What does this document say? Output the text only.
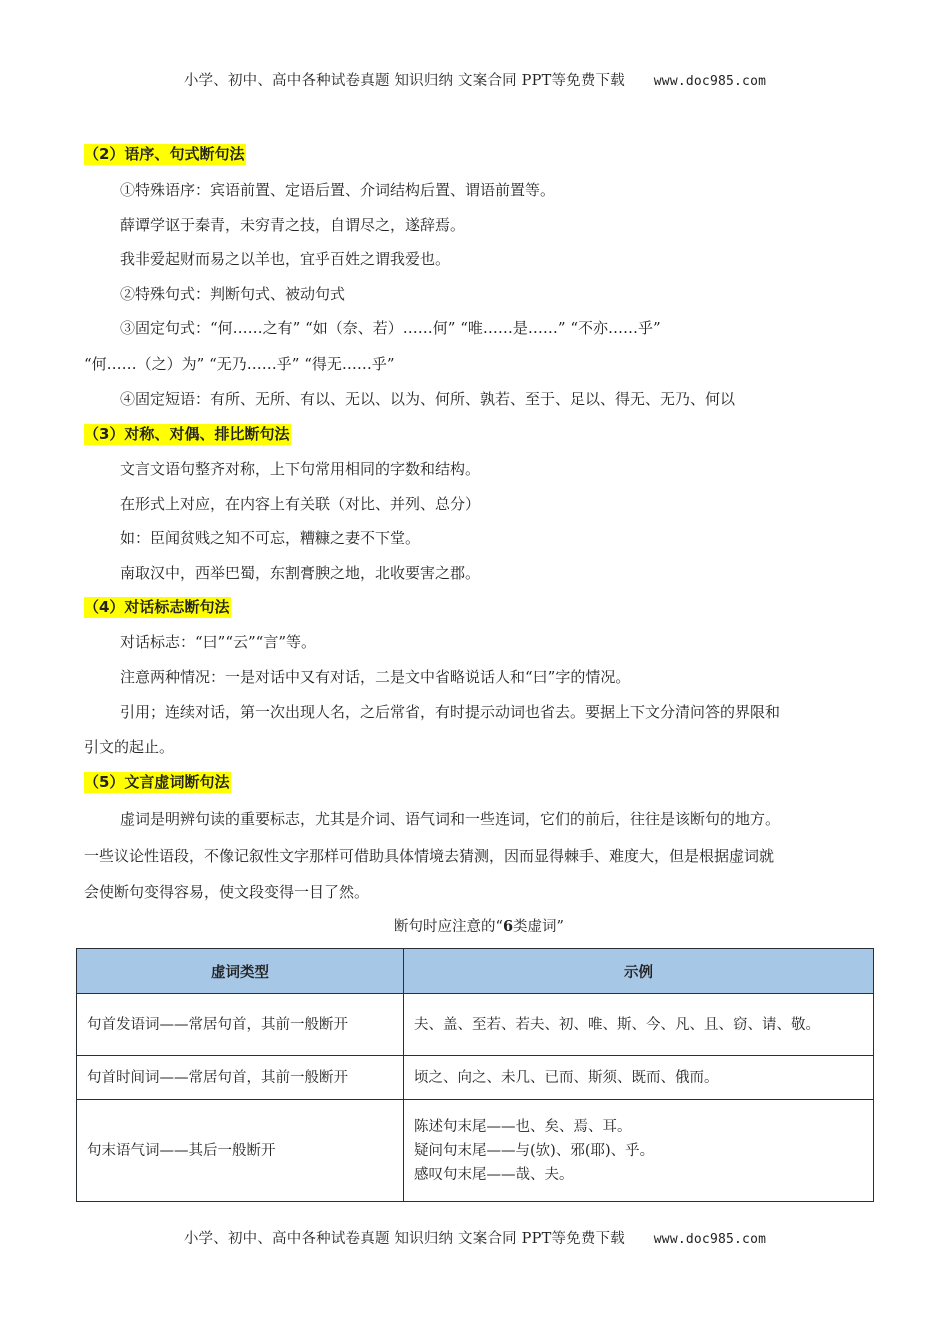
小学、初中、高中各种试卷真题 知识归纳 文案合同 PPT等免费下载 www.doc985.com
（2）语序、句式断句法
①特殊语序：宾语前置、定语后置、介词结构后置、谓语前置等。
薛谭学讴于秦青，未穷青之技，自谓尽之，遂辞焉。
我非爱起财而易之以羊也，宜乎百姓之谓我爱也。
②特殊句式：判断句式、被动句式
③固定句式：“何……之有” “如（奈、若）……何” “唯……是……” “不亦……乎”
“何……（之）为” “无乃……乎” “得无……乎”
④固定短语：有所、无所、有以、无以、以为、何所、孰若、至于、足以、得无、无乃、何以
（3）对称、对偶、排比断句法
文言文语句整齐对称，上下句常用相同的字数和结构。
在形式上对应，在内容上有关联（对比、并列、总分）
如：臣闻贫贱之知不可忘，糟糠之妻不下堂。
南取汉中，西举巴蜀，东割膏腴之地，北收要害之郡。
（4）对话标志断句法
对话标志：“曰”“云”“言”等。
注意两种情况：一是对话中又有对话，二是文中省略说话人和“曰”字的情况。
引用；连续对话，第一次出现人名，之后常省，有时提示动词也省去。要据上下文分清问答的界限和
引文的起止。
（5）文言虚词断句法
虚词是明辨句读的重要标志，尤其是介词、语气词和一些连词，它们的前后，往往是该断句的地方。
一些议论性语段，不像记叙性文字那样可借助具体情境去猜测，因而显得棘手、难度大，但是根据虚词就
会使断句变得容易，使文段变得一目了然。
断句时应注意的“6类虚词”
虚词类型	示例
句首发语词——常居句首，其前一般断开	夫、盖、至若、若夫、初、唯、斯、今、凡、且、窃、请、敬。

句首时间词——常居句首，其前一般断开	顷之、向之、未几、已而、斯须、既而、俄而。

句末语气词——其后一般断开	陈述句末尾——也、矣、焉、耳。

疑问句末尾——与(欤)、邪(耶)、乎。

感叹句末尾——哉、夫。

小学、初中、高中各种试卷真题 知识归纳 文案合同 PPT等免费下载 www.doc985.com
